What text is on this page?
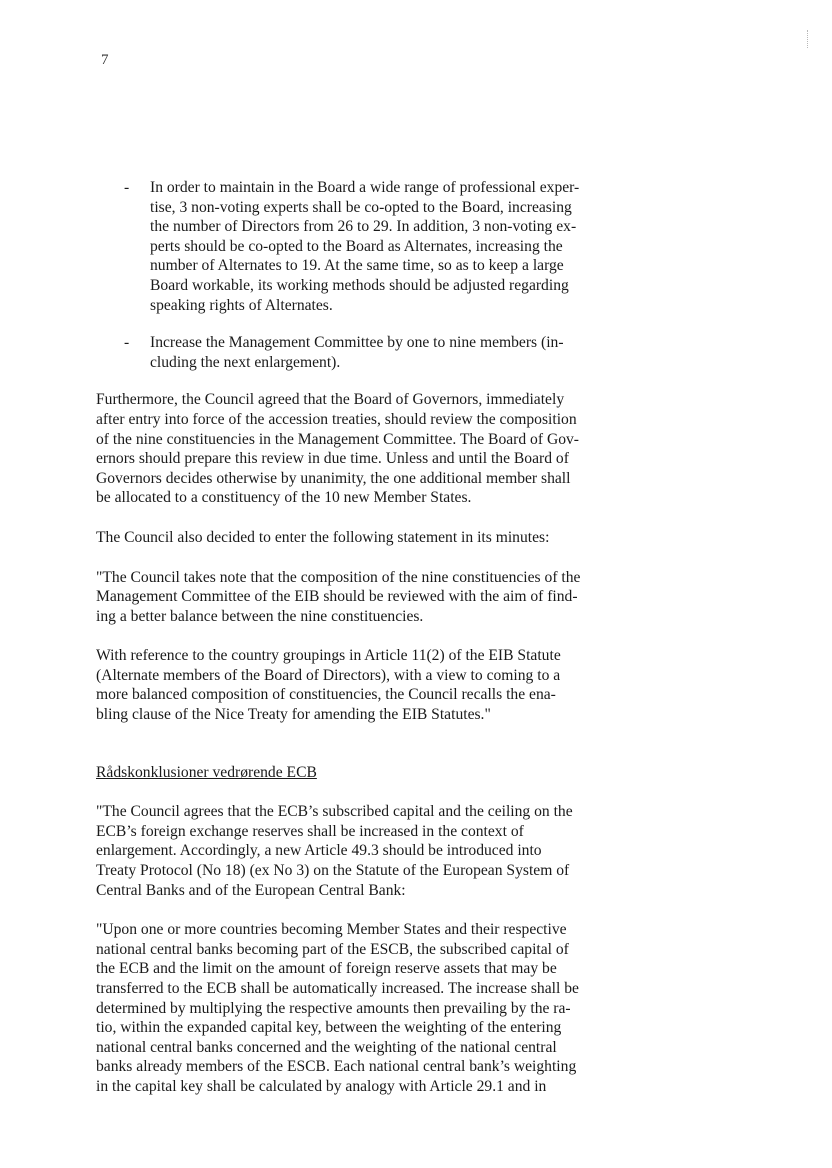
7
- In order to maintain in the Board a wide range of professional exper-
tise, 3 non-voting experts shall be co-opted to the Board, increasing
the number of Directors from 26 to 29. In addition, 3 non-voting ex-
perts should be co-opted to the Board as Alternates, increasing the
number of Alternates to 19. At the same time, so as to keep a large
Board workable, its working methods should be adjusted regarding
speaking rights of Alternates.
- Increase the Management Committee by one to nine members (in-
cluding the next enlargement).
Furthermore, the Council agreed that the Board of Governors, immediately
after entry into force of the accession treaties, should review the composition
of the nine constituencies in the Management Committee. The Board of Gov-
ernors should prepare this review in due time. Unless and until the Board of
Governors decides otherwise by unanimity, the one additional member shall
be allocated to a constituency of the 10 new Member States.
The Council also decided to enter the following statement in its minutes:
"The Council takes note that the composition of the nine constituencies of the
Management Committee of the EIB should be reviewed with the aim of find-
ing a better balance between the nine constituencies.
With reference to the country groupings in Article 11(2) of the EIB Statute
(Alternate members of the Board of Directors), with a view to coming to a
more balanced composition of constituencies, the Council recalls the ena-
bling clause of the Nice Treaty for amending the EIB Statutes."
Rådskonklusioner vedrørende ECB
"The Council agrees that the ECB’s subscribed capital and the ceiling on the
ECB’s foreign exchange reserves shall be increased in the context of
enlargement. Accordingly, a new Article 49.3 should be introduced into
Treaty Protocol (No 18) (ex No 3) on the Statute of the European System of
Central Banks and of the European Central Bank:
"Upon one or more countries becoming Member States and their respective
national central banks becoming part of the ESCB, the subscribed capital of
the ECB and the limit on the amount of foreign reserve assets that may be
transferred to the ECB shall be automatically increased. The increase shall be
determined by multiplying the respective amounts then prevailing by the ra-
tio, within the expanded capital key, between the weighting of the entering
national central banks concerned and the weighting of the national central
banks already members of the ESCB. Each national central bank’s weighting
in the capital key shall be calculated by analogy with Article 29.1 and in
